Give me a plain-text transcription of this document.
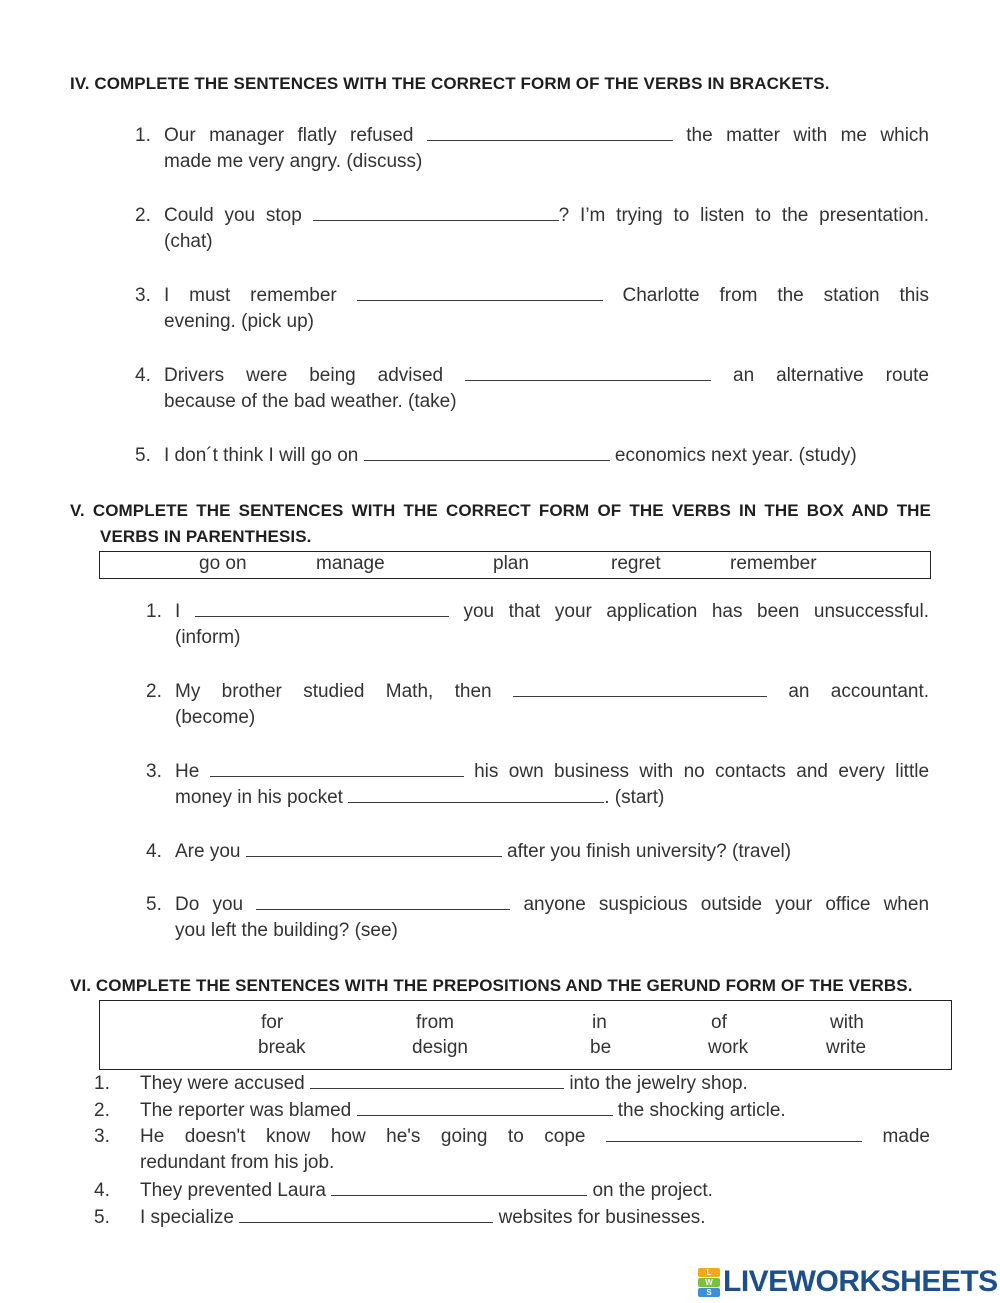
IV. COMPLETE THE SENTENCES WITH THE CORRECT FORM OF THE VERBS IN BRACKETS.
1. Our manager flatly refused	the matter with me which
made me very angry. (discuss)
2. Could you stop	? I’m trying to listen to the presentation.
(chat)
3. I must remember	Charlotte from the station this
evening. (pick up)
4. Drivers were being advised	an alternative route
because of the bad weather. (take)
5. I don´t think I will go on	economics next year. (study)
V. COMPLETE THE SENTENCES WITH THE CORRECT FORM OF THE VERBS IN THE BOX AND THE
VERBS IN PARENTHESIS.
go on	manage	plan	regret	remember
1. I	you that your application has been unsuccessful.
(inform)
2. My brother studied Math, then	an accountant.
(become)
3. He	his own business with no contacts and every little
money in his pocket	. (start)
4. Are you	after you finish university? (travel)
5. Do you	anyone suspicious outside your office when
you left the building? (see)
VI. COMPLETE THE SENTENCES WITH THE PREPOSITIONS AND THE GERUND FORM OF THE VERBS.
for	from	in	of	with
break	design	be	work	write
1. They were accused	into the jewelry shop.
2. The reporter was blamed	the shocking article.
3. He doesn't know how he's going to cope	made
redundant from his job.
4. They prevented Laura	on the project.
5. I specialize	websites for businesses.
L
W
S LIVEWORKSHEETS
